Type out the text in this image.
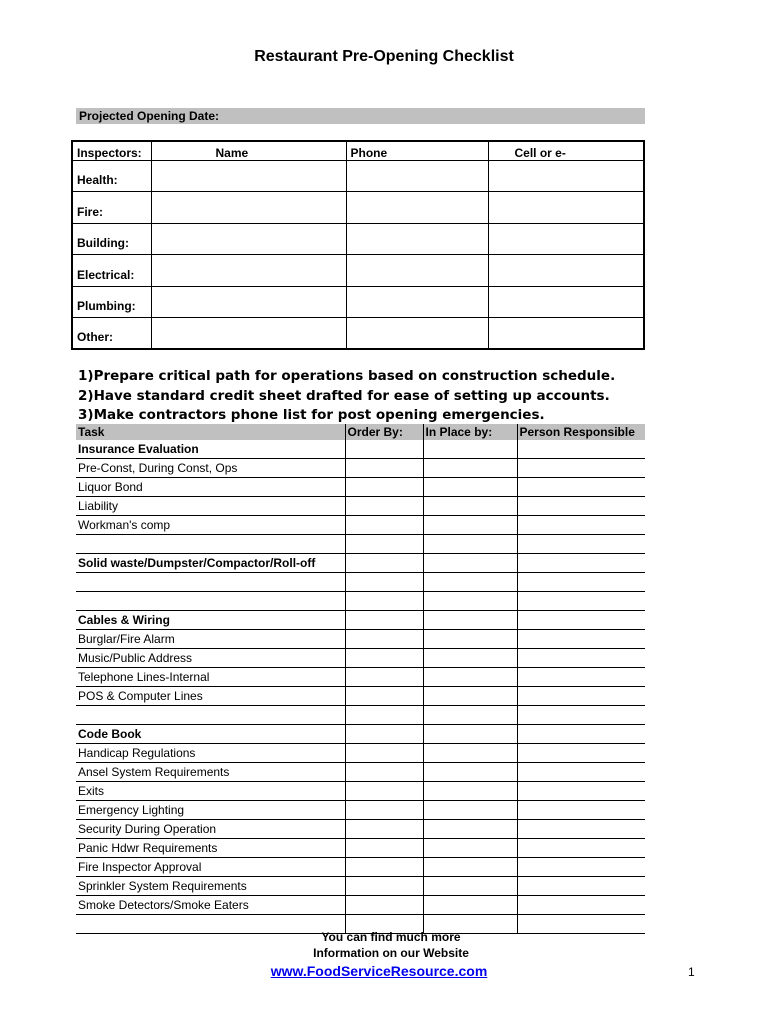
Restaurant Pre-Opening Checklist
Projected Opening Date:
Inspectors:	Name	Phone	Cell or e-
Health:			
Fire:			
Building:			
Electrical:			
Plumbing:			
Other:			
1)Prepare critical path for operations based on construction schedule.
2)Have standard credit sheet drafted for ease of setting up accounts.
3)Make contractors phone list for post opening emergencies.
Task	Order By:	In Place by:	Person Responsible
Insurance Evaluation			
Pre-Const, During Const, Ops			
Liquor Bond			
Liability			
Workman's comp			

Solid waste/Dumpster/Compactor/Roll-off			

Cables & Wiring			
Burglar/Fire Alarm			
Music/Public Address			
Telephone Lines-Internal			
POS & Computer Lines			

Code Book			
Handicap Regulations			
Ansel System Requirements			
Exits			
Emergency Lighting			
Security During Operation			
Panic Hdwr Requirements			
Fire Inspector Approval			
Sprinkler System Requirements			
Smoke Detectors/Smoke Eaters			

You can find much more
Information on our Website
www.FoodServiceResource.com	1
